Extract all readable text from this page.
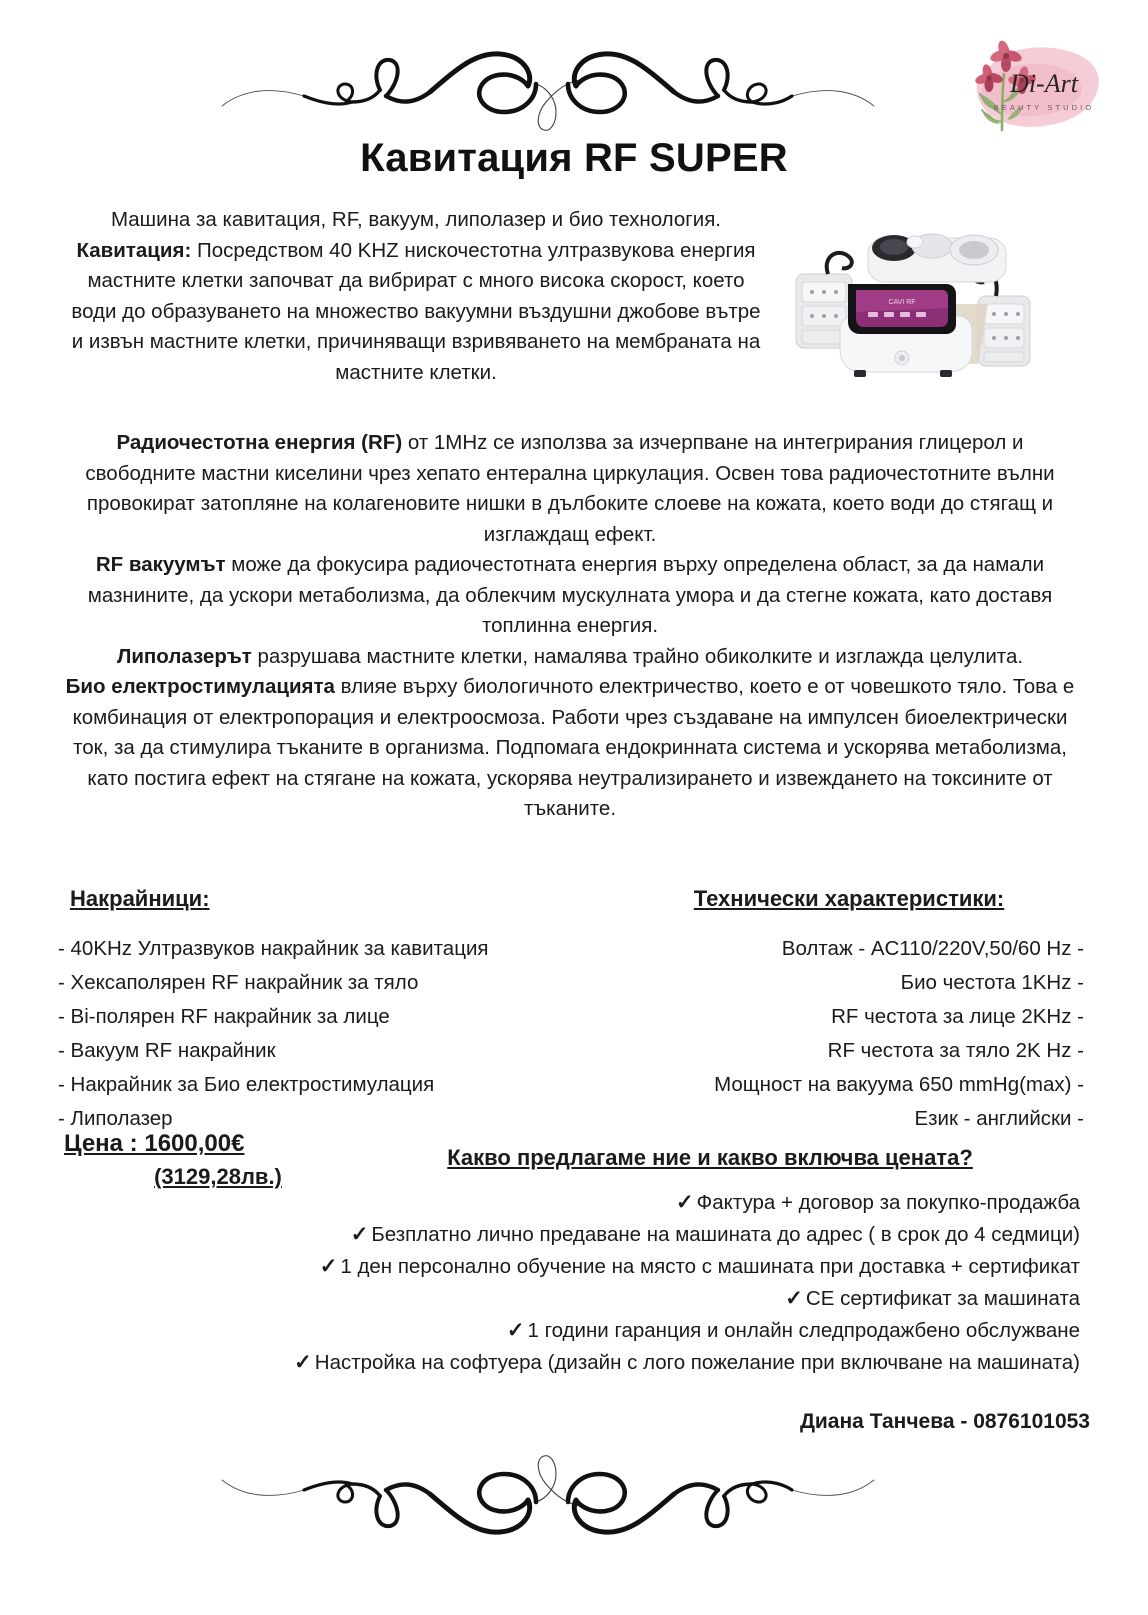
Di-Art
BEAUTY STUDIO
Кавитация RF SUPER
CAVI RF

Машина за кавитация, RF, вакуум, липолазер и био технология. Кавитация: Посредством 40 KHZ нискочестотна ултразвукова енергия мастните клетки започват да вибрират с много висока скорост, което води до образуването на множество вакуумни въздушни джобове вътре и извън мастните клетки, причиняващи взривяването на мембраната на мастните клетки.

Радиочестотна енергия (RF) от 1MHz се използва за изчерпване на интегрирания глицерол и свободните мастни киселини чрез хепато ентерална циркулация. Освен това радиочестотните вълни провокират затопляне на колагеновите нишки в дълбокитe слоеве на кожата, което води до стягащ и изглаждащ ефект.

RF вакуумът може да фокусира радиочестотната енергия върху определена област, за да намали мазнините, да ускори метаболизма, да облекчим мускулната умора и да стегне кожата, като доставя топлинна енергия.

Липолазерът разрушава мастните клетки, намалява трайно обиколките и изглажда целулита.

Био електростимулацията влияе върху биологичното електричество, което е от човешкото тяло. Това е комбинация от електропорация и електроосмоза. Работи чрез създаване на импулсен биоелектрически ток, за да стимулира тъканите в организма. Подпомага ендокринната система и ускорява метаболизма, като постига ефект на стягане на кожата, ускорява неутрализирането и извеждането на токсините от тъканите.

Накрайници:
- 40KHz Ултразвуков накрайник за кавитация
- Хексаполярен RF накрайник за тяло
- Bi-полярен RF накрайник за лице
- Вакуум RF накрайник
- Накрайник за Био електростимулация
- Липолазер
Технически характеристики:
Волтаж - AC110/220V,50/60 Hz -
Био честота 1KHz -
RF честота за лице 2KHz -
RF честота за тяло 2K Hz -
Мощност на вакуума 650 mmHg(max) -
Език - английски -
Цена : 1600,00€
(3129,28лв.)
Какво предлагаме ние и какво включва цената?
✓ Фактура + договор за покупко-продажба
✓ Безплатно лично предаване на машината до адрес ( в срок до 4 седмици)
✓ 1 ден персонално обучение на място с машината при доставка + сертификат
✓ CE сертификат за машината
✓ 1 години гаранция и онлайн следпродажбено обслужване
✓ Настройка на софтуера (дизайн с лого пожелание при включване на машината)
Диана Танчева - 0876101053
